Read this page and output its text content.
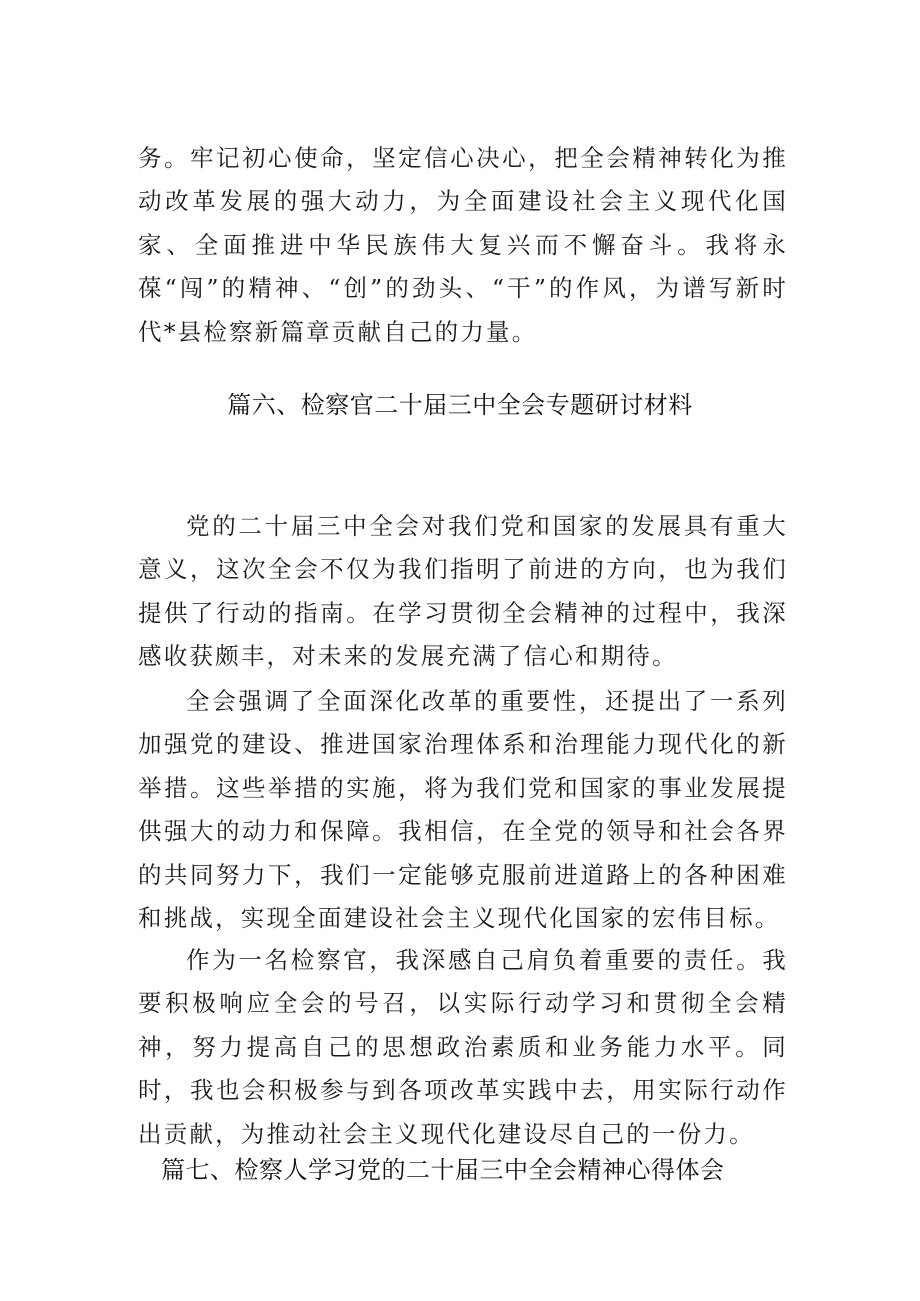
务。牢记初心使命，坚定信心决心，把全会精神转化为推动改革发展的强大动力，为全面建设社会主义现代化国家、全面推进中华民族伟大复兴而不懈奋斗。我将永葆“闯”的精神、“创”的劲头、“干”的作风，为谱写新时代*县检察新篇章贡献自己的力量。

篇六、检察官二十届三中全会专题研讨材料

党的二十届三中全会对我们党和国家的发展具有重大意义，这次全会不仅为我们指明了前进的方向，也为我们提供了行动的指南。在学习贯彻全会精神的过程中，我深感收获颇丰，对未来的发展充满了信心和期待。

全会强调了全面深化改革的重要性，还提出了一系列加强党的建设、推进国家治理体系和治理能力现代化的新举措。这些举措的实施，将为我们党和国家的事业发展提供强大的动力和保障。我相信，在全党的领导和社会各界的共同努力下，我们一定能够克服前进道路上的各种困难和挑战，实现全面建设社会主义现代化国家的宏伟目标。

作为一名检察官，我深感自己肩负着重要的责任。我要积极响应全会的号召，以实际行动学习和贯彻全会精神，努力提高自己的思想政治素质和业务能力水平。同时，我也会积极参与到各项改革实践中去，用实际行动作出贡献，为推动社会主义现代化建设尽自己的一份力。

篇七、检察人学习党的二十届三中全会精神心得体会
